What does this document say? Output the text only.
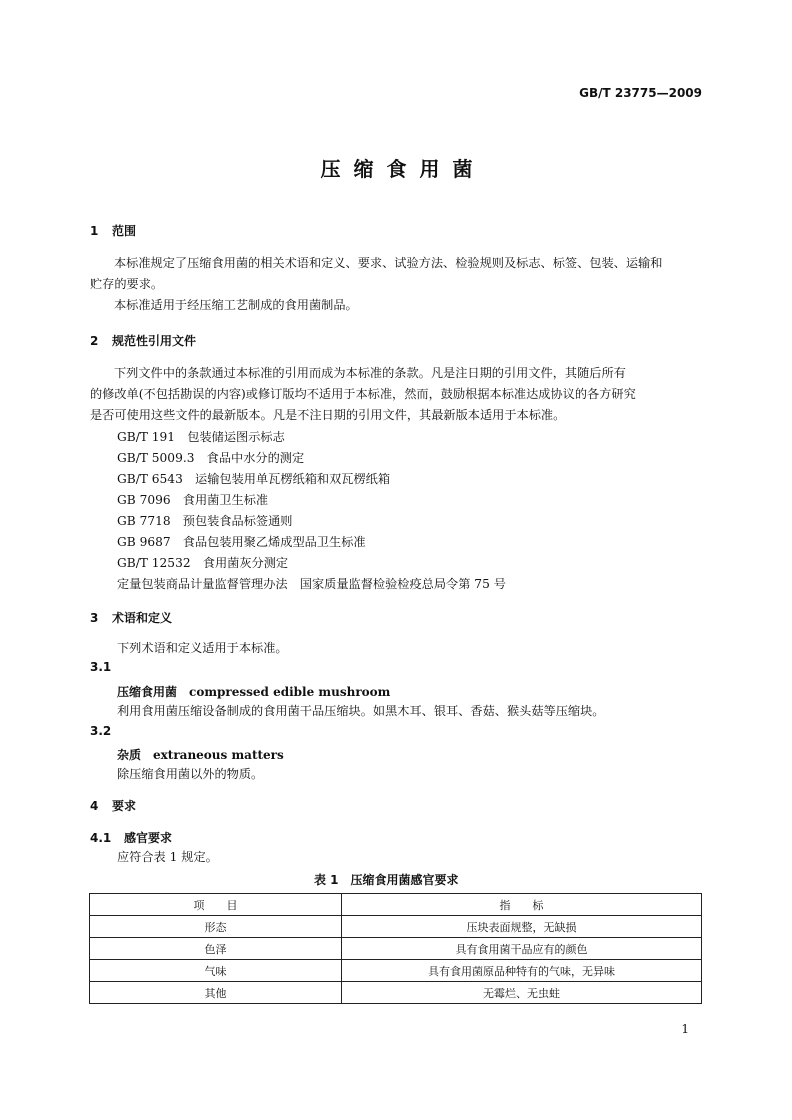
GB/T 23775—2009
压缩食用菌
1 范围
本标准规定了压缩食用菌的相关术语和定义、要求、试验方法、检验规则及标志、标签、包装、运输和
贮存的要求。
本标准适用于经压缩工艺制成的食用菌制品。
2 规范性引用文件
下列文件中的条款通过本标准的引用而成为本标准的条款。凡是注日期的引用文件，其随后所有
的修改单(不包括勘误的内容)或修订版均不适用于本标准，然而，鼓励根据本标准达成协议的各方研究
是否可使用这些文件的最新版本。凡是不注日期的引用文件，其最新版本适用于本标准。
GB/T 191　包装储运图示标志
GB/T 5009.3　食品中水分的测定
GB/T 6543　运输包装用单瓦楞纸箱和双瓦楞纸箱
GB 7096　食用菌卫生标准
GB 7718　预包装食品标签通则
GB 9687　食品包装用聚乙烯成型品卫生标准
GB/T 12532　食用菌灰分测定
定量包装商品计量监督管理办法　国家质量监督检验检疫总局令第 75 号
3 术语和定义
下列术语和定义适用于本标准。
3.1
压缩食用菌 compressed edible mushroom
利用食用菌压缩设备制成的食用菌干品压缩块。如黑木耳、银耳、香菇、猴头菇等压缩块。
3.2
杂质 extraneous matters
除压缩食用菌以外的物质。
4 要求
4.1 感官要求
应符合表 1 规定。
表 1　压缩食用菌感官要求
项　　目	指　　标
形态	压块表面规整，无缺损
色泽	具有食用菌干品应有的颜色
气味	具有食用菌原品种特有的气味，无异味
其他	无霉烂、无虫蛀
1
